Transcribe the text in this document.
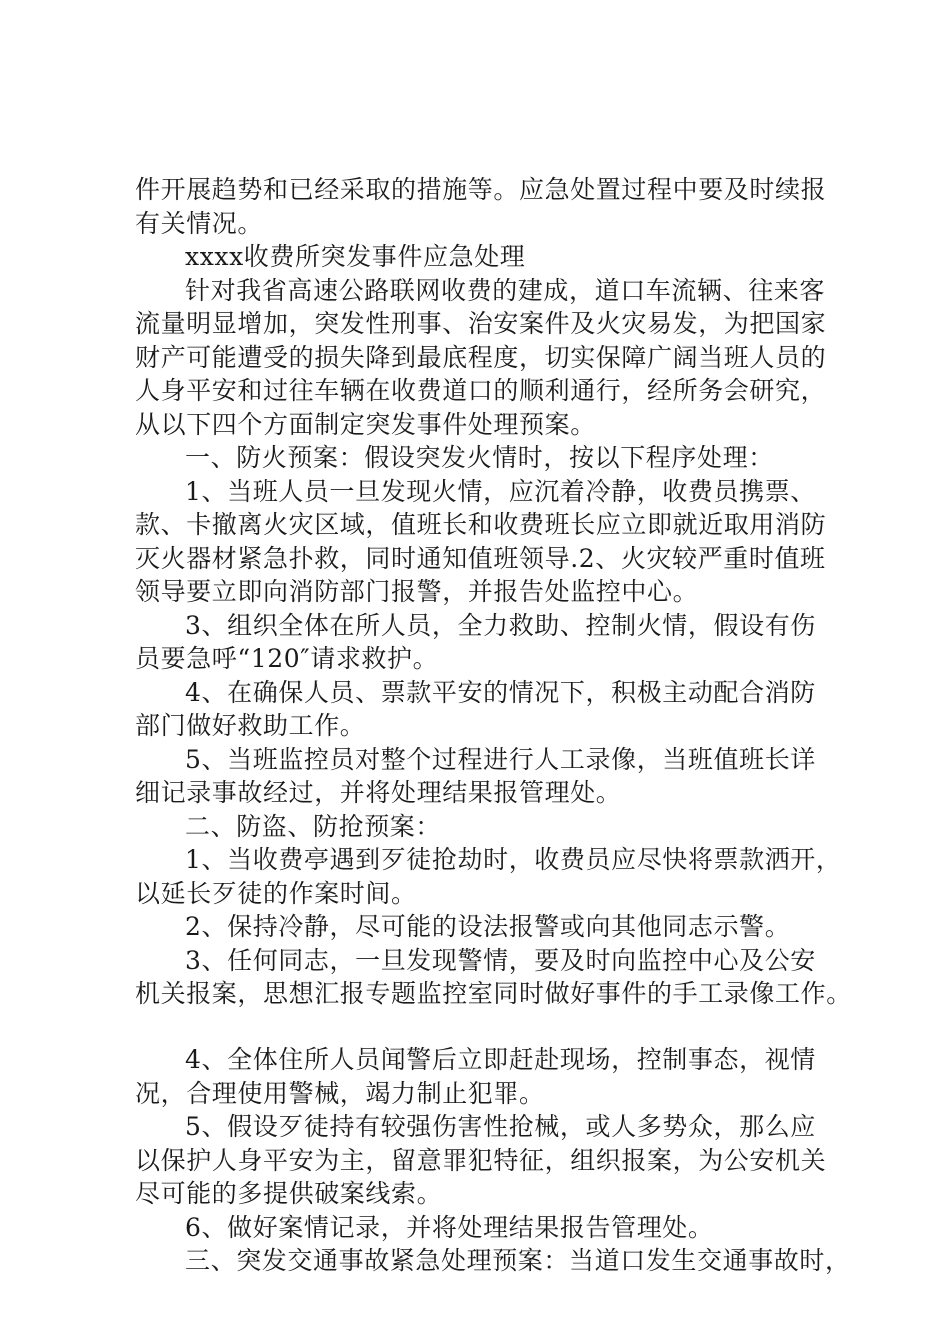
件开展趋势和已经采取的措施等。应急处置过程中要及时续报

有关情况。

xxxx收费所突发事件应急处理

针对我省高速公路联网收费的建成，道口车流辆、往来客

流量明显增加，突发性刑事、治安案件及火灾易发，为把国家

财产可能遭受的损失降到最底程度，切实保障广阔当班人员的

人身平安和过往车辆在收费道口的顺利通行，经所务会研究，

从以下四个方面制定突发事件处理预案。

一、防火预案：假设突发火情时，按以下程序处理：

1、当班人员一旦发现火情，应沉着冷静，收费员携票、

款、卡撤离火灾区域，值班长和收费班长应立即就近取用消防

灭火器材紧急扑救，同时通知值班领导.2、火灾较严重时值班

领导要立即向消防部门报警，并报告处监控中心。

3、组织全体在所人员，全力救助、控制火情，假设有伤

员要急呼“120″请求救护。

4、在确保人员、票款平安的情况下，积极主动配合消防

部门做好救助工作。

5、当班监控员对整个过程进行人工录像，当班值班长详

细记录事故经过，并将处理结果报管理处。

二、防盗、防抢预案：

1、当收费亭遇到歹徒抢劫时，收费员应尽快将票款洒开，

以延长歹徒的作案时间。

2、保持冷静，尽可能的设法报警或向其他同志示警。

3、任何同志，一旦发现警情，要及时向监控中心及公安

机关报案，思想汇报专题监控室同时做好事件的手工录像工作。

4、全体住所人员闻警后立即赶赴现场，控制事态，视情

况，合理使用警械，竭力制止犯罪。

5、假设歹徒持有较强伤害性抢械，或人多势众，那么应

以保护人身平安为主，留意罪犯特征，组织报案，为公安机关

尽可能的多提供破案线索。

6、做好案情记录，并将处理结果报告管理处。

三、突发交通事故紧急处理预案：当道口发生交通事故时，
